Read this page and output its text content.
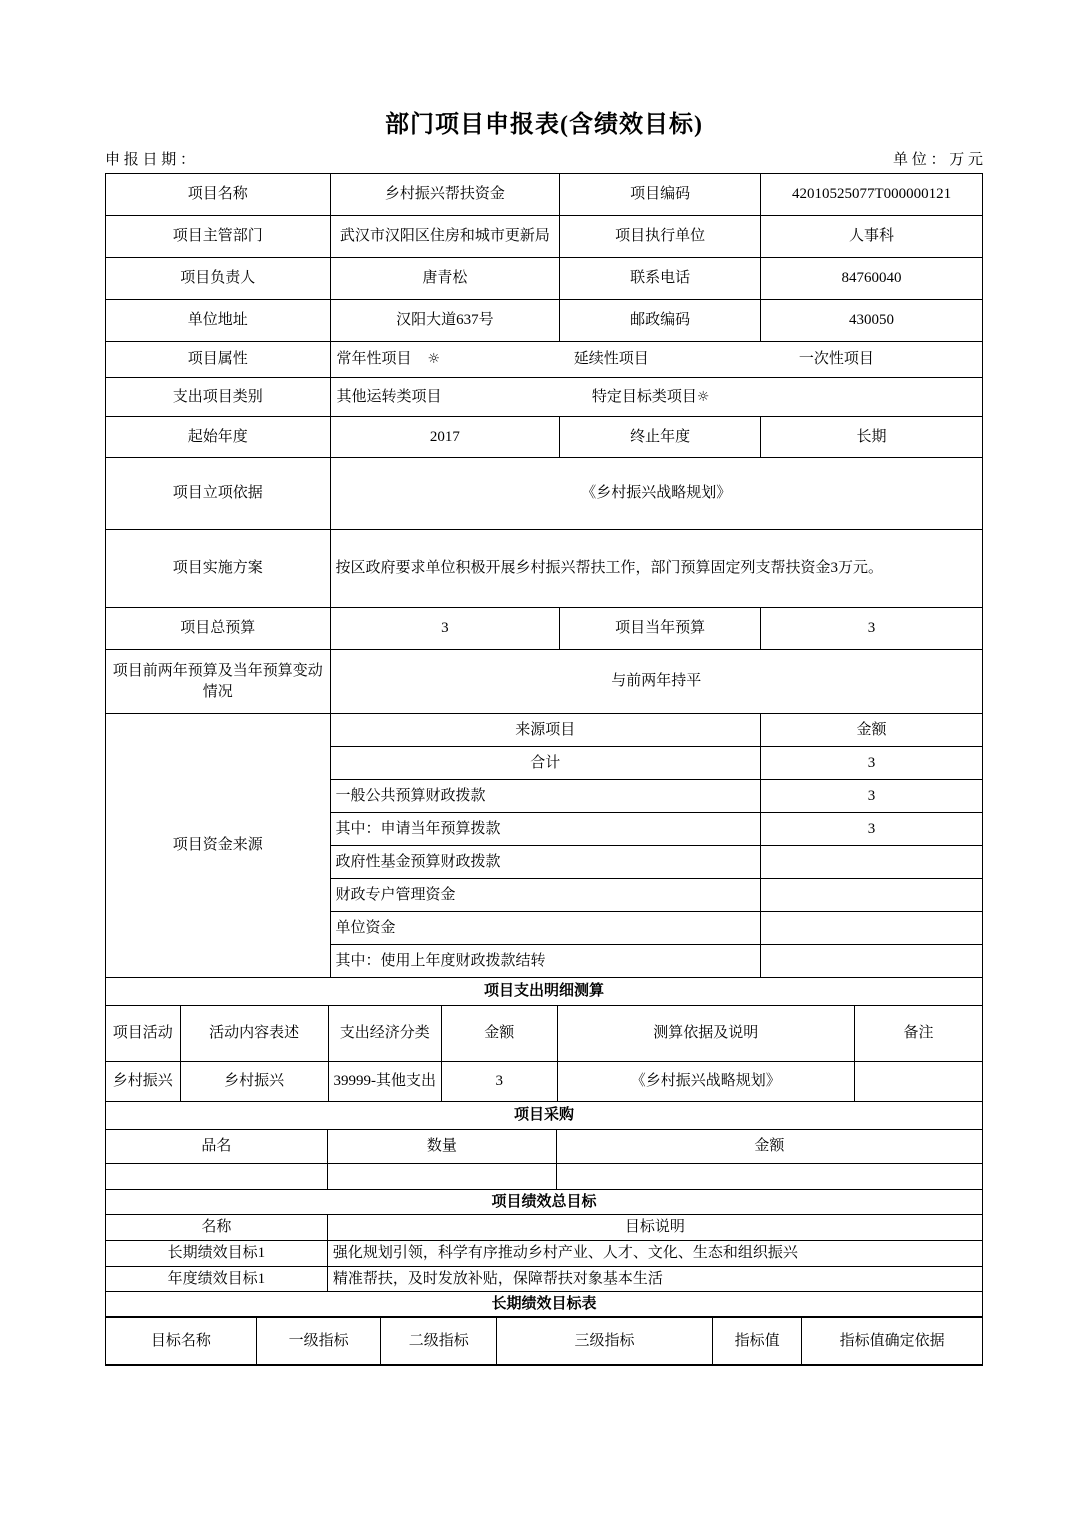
部门项目申报表(含绩效目标)
申 报 日 期 ：	单 位 ： 万 元
项目名称	乡村振兴帮扶资金	项目编码	42010525077T000000121
项目主管部门	武汉市汉阳区住房和城市更新局	项目执行单位	人事科
项目负责人	唐青松	联系电话	84760040
单位地址	汉阳大道637号	邮政编码	430050
项目属性	常年性项目 ☼ 延续性项目 一次性项目		

支出项目类别	其他运转类项目 特定目标类项目☼		

起始年度	2017	终止年度	长期
项目立项依据	《乡村振兴战略规划》		
项目实施方案	按区政府要求单位积极开展乡村振兴帮扶工作，部门预算固定列支帮扶资金3万元。		
项目总预算	3	项目当年预算	3
项目前两年预算及当年预算变动情况	与前两年持平		
项目资金来源	来源项目	金额
	合计	3
	一般公共预算财政拨款	3
	其中：申请当年预算拨款	3
	政府性基金预算财政拨款	
	财政专户管理资金	
	单位资金	
	其中：使用上年度财政拨款结转	
项目支出明细测算					
项目活动	活动内容表述	支出经济分类	金额	测算依据及说明	备注
乡村振兴	乡村振兴	39999-其他支出	3	《乡村振兴战略规划》	
项目采购		
品名	数量	金额

项目绩效总目标	
名称	目标说明
长期绩效目标1	强化规划引领，科学有序推动乡村产业、人才、文化、生态和组织振兴
年度绩效目标1	精准帮扶，及时发放补贴，保障帮扶对象基本生活
长期绩效目标表
目标名称	一级指标	二级指标	三级指标	指标值	指标值确定依据
